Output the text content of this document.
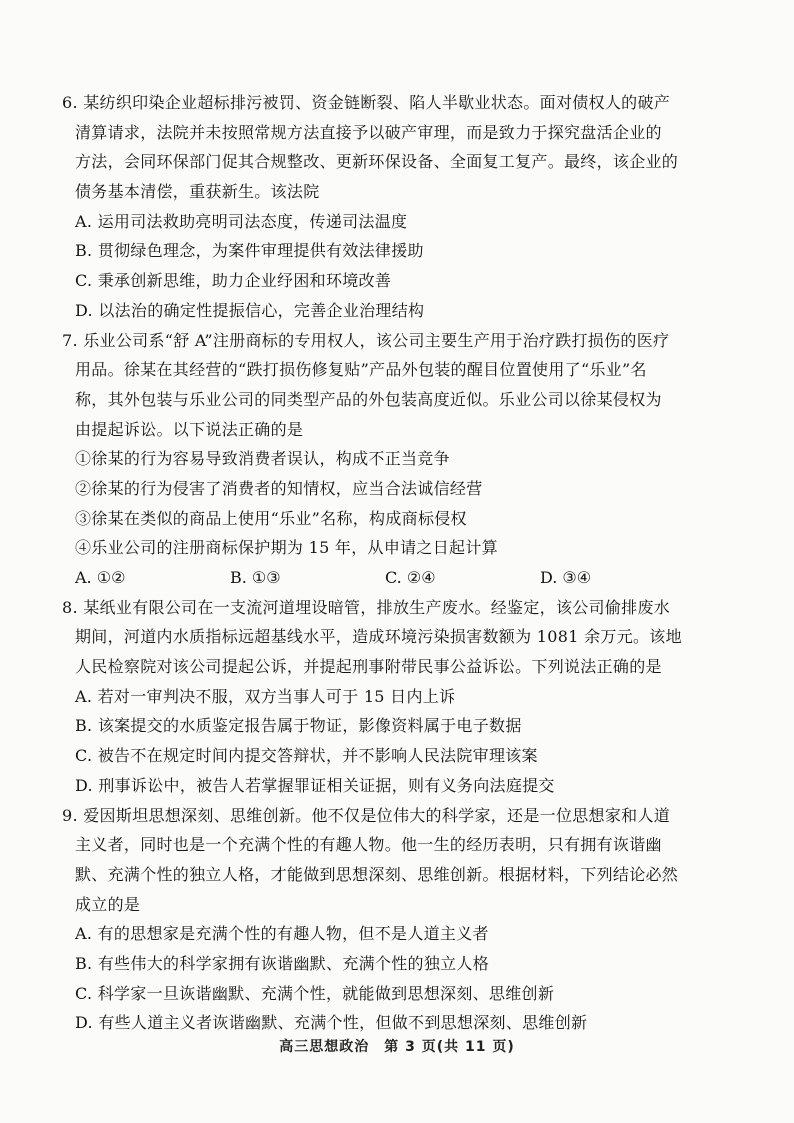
6. 某纺织印染企业超标排污被罚、资金链断裂、陷人半歇业状态。面对债权人的破产
清算请求，法院并未按照常规方法直接予以破产审理，而是致力于探究盘活企业的
方法，会同环保部门促其合规整改、更新环保设备、全面复工复产。最终，该企业的
债务基本清偿，重获新生。该法院
A. 运用司法救助亮明司法态度，传递司法温度
B. 贯彻绿色理念，为案件审理提供有效法律援助
C. 秉承创新思维，助力企业纾困和环境改善
D. 以法治的确定性提振信心，完善企业治理结构
7. 乐业公司系“舒 A”注册商标的专用权人，该公司主要生产用于治疗跌打损伤的医疗
用品。徐某在其经营的“跌打损伤修复贴”产品外包装的醒目位置使用了“乐业”名
称，其外包装与乐业公司的同类型产品的外包装高度近似。乐业公司以徐某侵权为
由提起诉讼。以下说法正确的是
①徐某的行为容易导致消费者误认，构成不正当竞争
②徐某的行为侵害了消费者的知情权，应当合法诚信经营
③徐某在类似的商品上使用“乐业”名称，构成商标侵权
④乐业公司的注册商标保护期为 15 年，从申请之日起计算
A. ①②	B. ①③	C. ②④	D. ③④
8. 某纸业有限公司在一支流河道埋设暗管，排放生产废水。经鉴定，该公司偷排废水
期间，河道内水质指标远超基线水平，造成环境污染损害数额为 1081 余万元。该地
人民检察院对该公司提起公诉，并提起刑事附带民事公益诉讼。下列说法正确的是
A. 若对一审判决不服，双方当事人可于 15 日内上诉
B. 该案提交的水质鉴定报告属于物证，影像资料属于电子数据
C. 被告不在规定时间内提交答辩状，并不影响人民法院审理该案
D. 刑事诉讼中，被告人若掌握罪证相关证据，则有义务向法庭提交
9. 爱因斯坦思想深刻、思维创新。他不仅是位伟大的科学家，还是一位思想家和人道
主义者，同时也是一个充满个性的有趣人物。他一生的经历表明，只有拥有诙谐幽
默、充满个性的独立人格，才能做到思想深刻、思维创新。根据材料，下列结论必然
成立的是
A. 有的思想家是充满个性的有趣人物，但不是人道主义者
B. 有些伟大的科学家拥有诙谐幽默、充满个性的独立人格
C. 科学家一旦诙谐幽默、充满个性，就能做到思想深刻、思维创新
D. 有些人道主义者诙谐幽默、充满个性，但做不到思想深刻、思维创新
高三思想政治　第 3 页(共 11 页)
